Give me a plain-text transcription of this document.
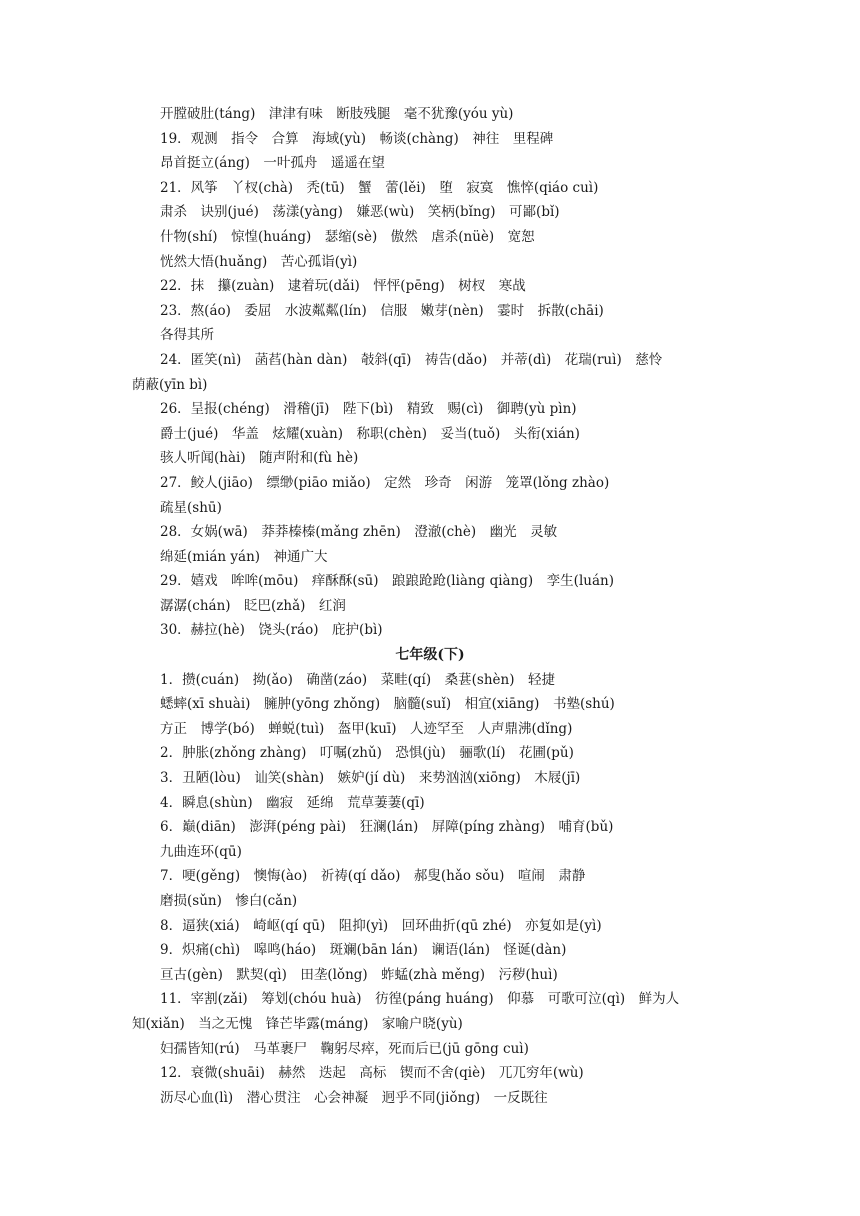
开膛破肚(táng)　津津有味　断肢残腿　毫不犹豫(yóu yù)
19．观测　指令　合算　海域(yù)　畅谈(chàng)　神往　里程碑
昂首挺立(áng)　一叶孤舟　遥遥在望
21．风筝　丫杈(chà)　秃(tū)　蟹　蕾(lěi)　堕　寂寞　憔悴(qiáo cuì)
肃杀　诀别(jué)　荡漾(yàng)　嫌恶(wù)　笑柄(bǐng)　可鄙(bǐ)
什物(shí)　惊惶(huáng)　瑟缩(sè)　傲然　虐杀(nüè)　宽恕
恍然大悟(huǎng)　苦心孤诣(yì)
22．抹　攥(zuàn)　逮着玩(dǎi)　怦怦(pēng)　树杈　寒战
23．熬(áo)　委屈　水波粼粼(lín)　信服　嫩芽(nèn)　霎时　拆散(chāi)
各得其所
24．匿笑(nì)　菡萏(hàn dàn)　攲斜(qī)　祷告(dǎo)　并蒂(dì)　花瑞(ruì)　慈怜
荫蔽(yīn bì)
26．呈报(chéng)　滑稽(jī)　陛下(bì)　精致　赐(cì)　御聘(yù pìn)
爵士(jué)　华盖　炫耀(xuàn)　称职(chèn)　妥当(tuǒ)　头衔(xián)
骇人听闻(hài)　随声附和(fù hè)
27．鲛人(jiāo)　缥缈(piāo miǎo)　定然　珍奇　闲游　笼罩(lǒng zhào)
疏星(shū)
28．女娲(wā)　莽莽榛榛(mǎng zhēn)　澄澈(chè)　幽光　灵敏
绵延(mián yán)　神通广大
29．嬉戏　哞哞(mōu)　痒酥酥(sū)　踉踉跄跄(liàng qiàng)　孪生(luán)
潺潺(chán)　眨巴(zhǎ)　红润
30．赫拉(hè)　饶头(ráo)　庇护(bì)
七年级(下)
1．攒(cuán)　拗(ǎo)　确凿(záo)　菜畦(qí)　桑葚(shèn)　轻捷
蟋蟀(xī shuài)　臃肿(yōng zhǒng)　脑髓(suǐ)　相宜(xiāng)　书塾(shú)
方正　博学(bó)　蝉蜕(tuì)　盔甲(kuī)　人迹罕至　人声鼎沸(dǐng)
2．肿胀(zhǒng zhàng)　叮嘱(zhǔ)　恐惧(jù)　骊歌(lí)　花圃(pǔ)
3．丑陋(lòu)　讪笑(shàn)　嫉妒(jí dù)　来势汹汹(xiōng)　木屐(jī)
4．瞬息(shùn)　幽寂　延绵　荒草萋萋(qī)
6．巅(diān)　澎湃(péng pài)　狂澜(lán)　屏障(píng zhàng)　哺育(bǔ)
九曲连环(qū)
7．哽(gěng)　懊悔(ào)　祈祷(qí dǎo)　郝叟(hǎo sǒu)　喧闹　肃静
磨损(sǔn)　惨白(cǎn)
8．逼狭(xiá)　崎岖(qí qū)　阻抑(yì)　回环曲折(qū zhé)　亦复如是(yì)
9．炽痛(chì)　嗥鸣(háo)　斑斓(bān lán)　谰语(lán)　怪诞(dàn)
亘古(gèn)　默契(qì)　田垄(lǒng)　蚱蜢(zhà měng)　污秽(huì)
11．宰割(zǎi)　筹划(chóu huà)　彷徨(páng huáng)　仰慕　可歌可泣(qì)　鲜为人
知(xiǎn)　当之无愧　锋芒毕露(máng)　家喻户晓(yù)
妇孺皆知(rú)　马革裹尸　鞠躬尽瘁，死而后已(jū gōng cuì)
12．衰微(shuāi)　赫然　迭起　高标　锲而不舍(qiè)　兀兀穷年(wù)
沥尽心血(lì)　潜心贯注　心会神凝　迥乎不同(jiǒng)　一反既往
